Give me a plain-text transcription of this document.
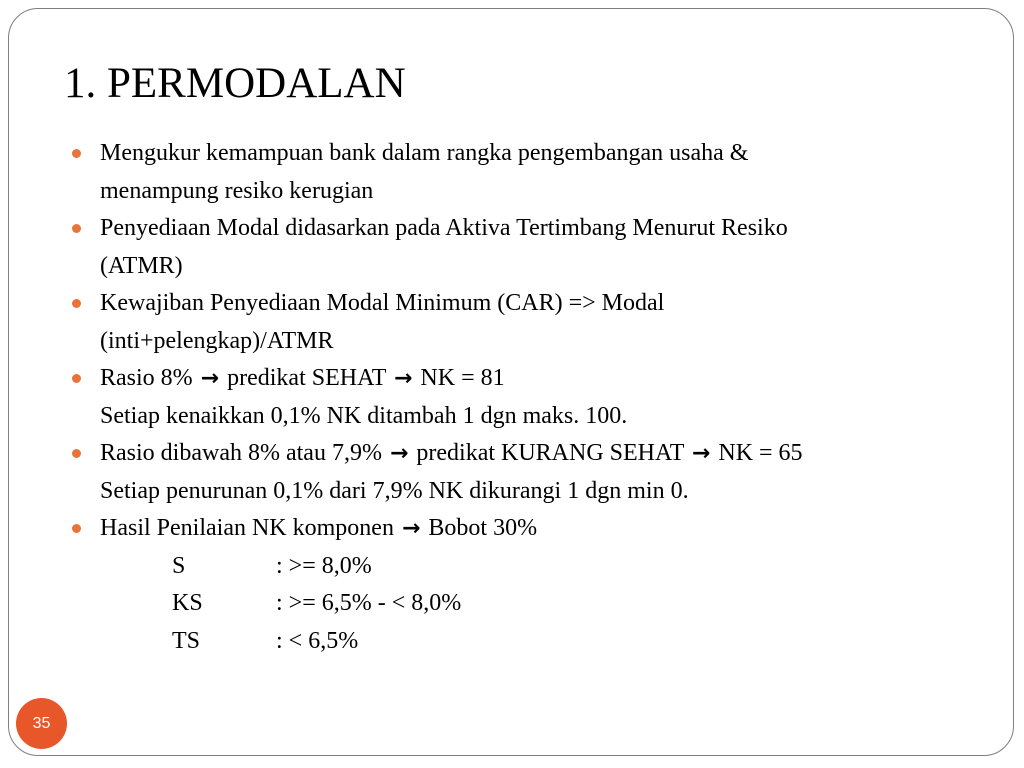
1. PERMODALAN
Mengukur kemampuan bank dalam rangka pengembangan usaha &
menampung resiko kerugian
Penyediaan Modal didasarkan pada Aktiva Tertimbang Menurut Resiko
(ATMR)
Kewajiban Penyediaan Modal Minimum (CAR) => Modal
(inti+pelengkap)/ATMR
Rasio 8% → predikat SEHAT → NK = 81
Setiap kenaikkan 0,1% NK ditambah 1 dgn maks. 100.
Rasio dibawah 8% atau 7,9% → predikat KURANG SEHAT → NK = 65
Setiap penurunan 0,1% dari 7,9% NK dikurangi 1 dgn min 0.
Hasil Penilaian NK komponen → Bobot 30%
S	: >= 8,0%
KS	: >= 6,5% - < 8,0%
TS	: < 6,5%
35
